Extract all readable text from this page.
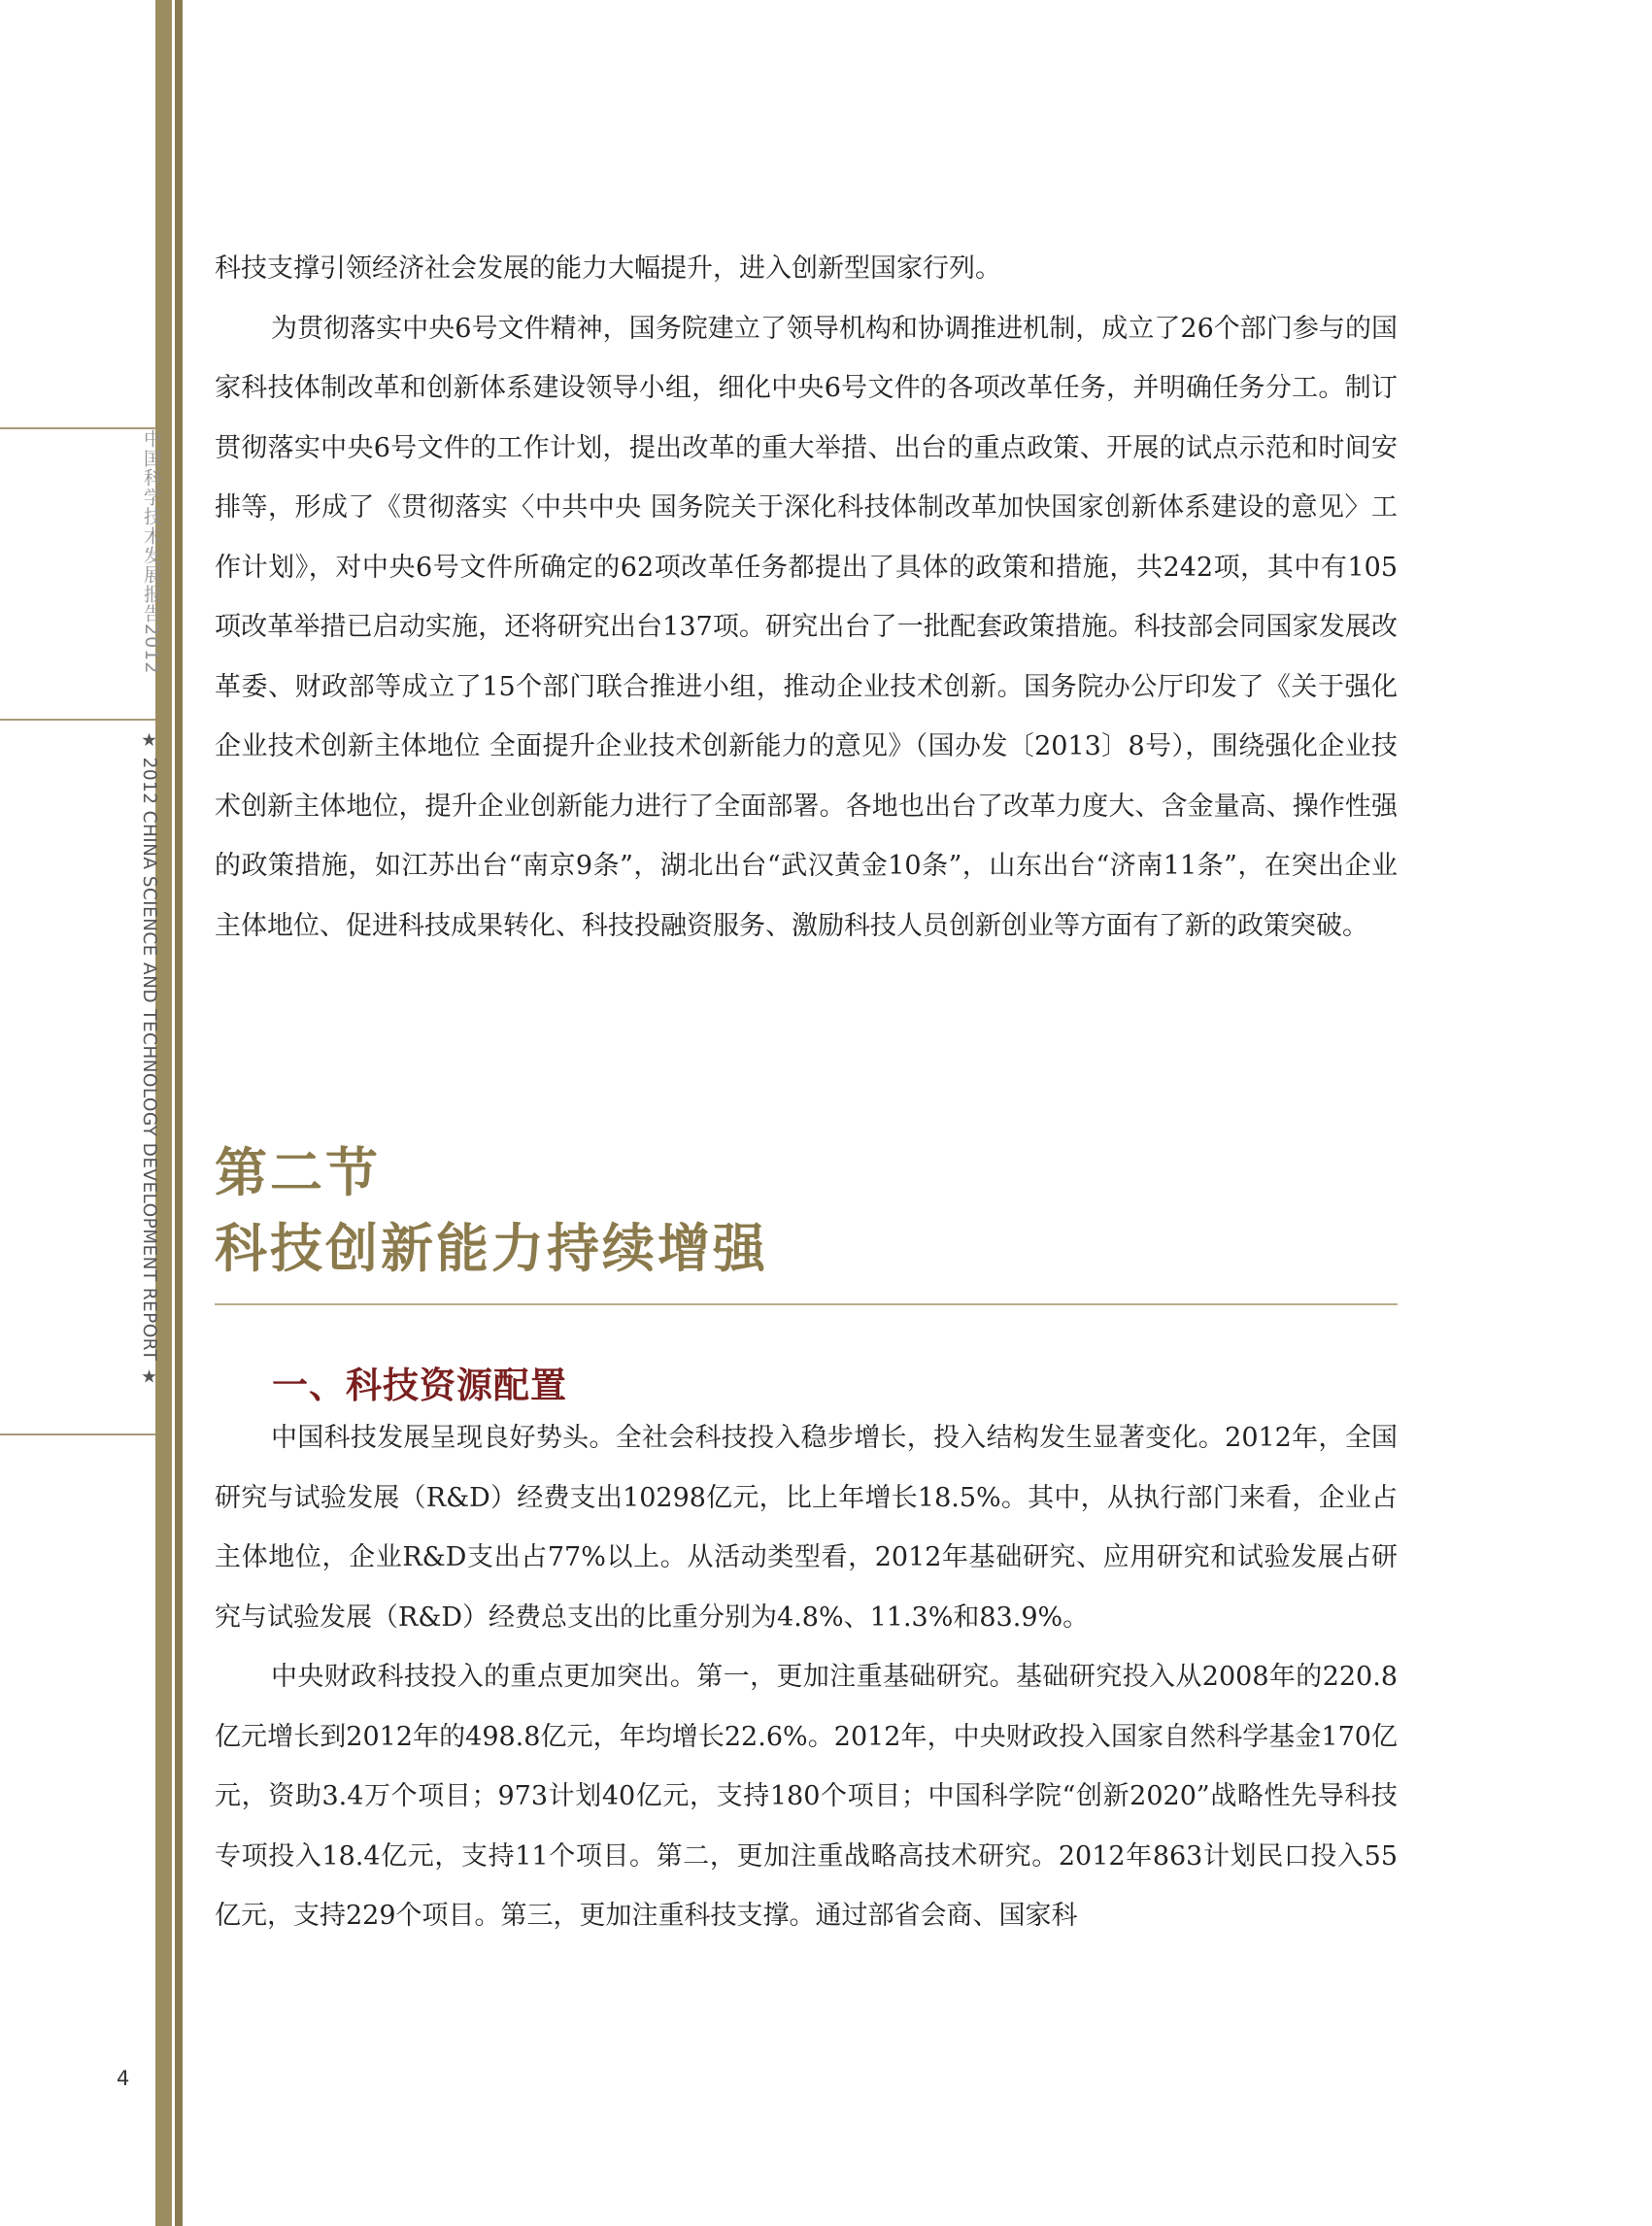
中国科学技术发展报告2012
★ 2012 CHINA SCIENCE AND TECHNOLOGY DEVELOPMENT REPORT ★

科技支撑引领经济社会发展的能力大幅提升，进入创新型国家行列。

为贯彻落实中央6号文件精神，国务院建立了领导机构和协调推进机制，成立了26个部门参与的国家科技体制改革和创新体系建设领导小组，细化中央6号文件的各项改革任务，并明确任务分工。制订贯彻落实中央6号文件的工作计划，提出改革的重大举措、出台的重点政策、开展的试点示范和时间安排等，形成了《贯彻落实〈中共中央 国务院关于深化科技体制改革加快国家创新体系建设的意见〉工作计划》，对中央6号文件所确定的62项改革任务都提出了具体的政策和措施，共242项，其中有105项改革举措已启动实施，还将研究出台137项。研究出台了一批配套政策措施。科技部会同国家发展改革委、财政部等成立了15个部门联合推进小组，推动企业技术创新。国务院办公厅印发了《关于强化企业技术创新主体地位 全面提升企业技术创新能力的意见》（国办发〔2013〕8号），围绕强化企业技术创新主体地位，提升企业创新能力进行了全面部署。各地也出台了改革力度大、含金量高、操作性强的政策措施，如江苏出台“南京9条”，湖北出台“武汉黄金10条”，山东出台“济南11条”，在突出企业主体地位、促进科技成果转化、科技投融资服务、激励科技人员创新创业等方面有了新的政策突破。

第二节
科技创新能力持续增强
一、科技资源配置

中国科技发展呈现良好势头。全社会科技投入稳步增长，投入结构发生显著变化。2012年，全国研究与试验发展（R&D）经费支出10298亿元，比上年增长18.5%。其中，从执行部门来看，企业占主体地位，企业R&D支出占77%以上。从活动类型看，2012年基础研究、应用研究和试验发展占研究与试验发展（R&D）经费总支出的比重分别为4.8%、11.3%和83.9%。

中央财政科技投入的重点更加突出。第一，更加注重基础研究。基础研究投入从2008年的220.8亿元增长到2012年的498.8亿元，年均增长22.6%。2012年，中央财政投入国家自然科学基金170亿元，资助3.4万个项目；973计划40亿元，支持180个项目；中国科学院“创新2020”战略性先导科技专项投入18.4亿元，支持11个项目。第二，更加注重战略高技术研究。2012年863计划民口投入55亿元，支持229个项目。第三，更加注重科技支撑。通过部省会商、国家科

4
